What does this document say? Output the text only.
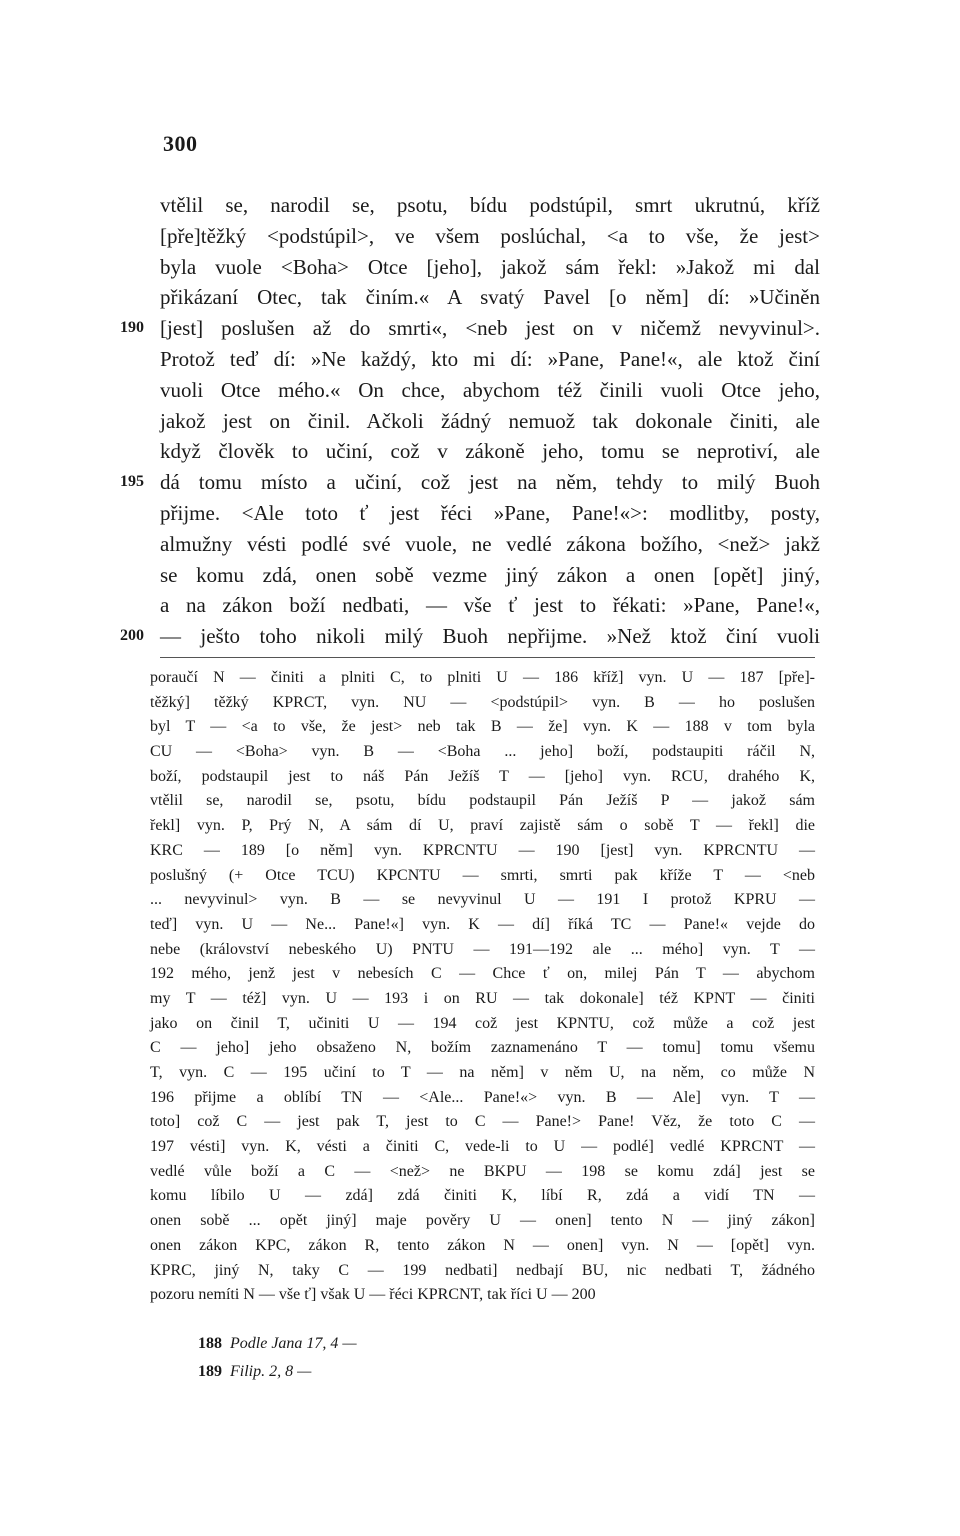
300
vtělil se, narodil se, psotu, bídu podstúpil, smrt ukrutnú, kříž
[pře]těžký <podstúpil>, ve všem poslúchal, <a to vše, že jest>
byla vuole <Boha> Otce [jeho], jakož sám řekl: »Jakož mi dal
přikázaní Otec, tak činím.« A svatý Pavel [o něm] dí: »Učiněn
190 [jest] poslušen až do smrti«, <neb jest on v ničemž nevyvinul>.
Protož teď dí: »Ne každý, kto mi dí: »Pane, Pane!«, ale ktož činí
vuoli Otce mého.« On chce, abychom též činili vuoli Otce jeho,
jakož jest on činil. Ačkoli žádný nemuož tak dokonale činiti, ale
když člověk to učiní, což v zákoně jeho, tomu se neprotiví, ale
195 dá tomu místo a učiní, což jest na něm, tehdy to milý Buoh
přijme. <Ale toto ť jest řéci »Pane, Pane!«>: modlitby, posty,
almužny vésti podlé své vuole, ne vedlé zákona božího, <než> jakž
se komu zdá, onen sobě vezme jiný zákon a onen [opět] jiný,
a na zákon boží nedbati, — vše ť jest to řékati: »Pane, Pane!«,
200 — ješto toho nikoli milý Buoh nepřijme. »Než ktož činí vuoli
poraučí N — činiti a plniti C, to plniti U — 186 kříž] vyn. U — 187 [pře]-
těžký] těžký KPRCT, vyn. NU — <podstúpil> vyn. B — ho poslušen
byl T — <a to vše, že jest> neb tak B — že] vyn. K — 188 v tom byla
CU — <Boha> vyn. B — <Boha ... jeho] boží, podstaupiti ráčil N,
boží, podstaupil jest to náš Pán Ježíš T — [jeho] vyn. RCU, drahého K,
vtělil se, narodil se, psotu, bídu podstaupil Pán Ježíš P — jakož sám
řekl] vyn. P, Prý N, A sám dí U, praví zajistě sám o sobě T — řekl] die
KRC — 189 [o něm] vyn. KPRCNTU — 190 [jest] vyn. KPRCNTU —
poslušný (+ Otce TCU) KPCNTU — smrti, smrti pak kříže T — <neb
... nevyvinul> vyn. B — se nevyvinul U — 191 I protož KPRU —
teď] vyn. U — Ne... Pane!«] vyn. K — dí] říká TC — Pane!« vejde do
nebe (království nebeského U) PNTU — 191—192 ale ... mého] vyn. T —
192 mého, jenž jest v nebesích C — Chce ť on, milej Pán T — abychom
my T — též] vyn. U — 193 i on RU — tak dokonale] též KPNT — činiti
jako on činil T, učiniti U — 194 což jest KPNTU, což může a což jest
C — jeho] jeho obsaženo N, božím zaznamenáno T — tomu] tomu všemu
T, vyn. C — 195 učiní to T — na něm] v něm U, na něm, co může N
196 přijme a oblíbí TN — <Ale... Pane!«> vyn. B — Ale] vyn. T —
toto] což C — jest pak T, jest to C — Pane!> Pane! Věz, že toto C —
197 vésti] vyn. K, vésti a činiti C, vede-li to U — podlé] vedlé KPRCNT —
vedlé vůle boží a C — <než> ne BKPU — 198 se komu zdá] jest se
komu líbilo U — zdá] zdá činiti K, líbí R, zdá a vidí TN —
onen sobě ... opět jiný] maje pověry U — onen] tento N — jiný zákon]
onen zákon KPC, zákon R, tento zákon N — onen] vyn. N — [opět] vyn.
KPRC, jiný N, taky C — 199 nedbati] nedbají BU, nic nedbati T, žádného
pozoru nemíti N — vše ť] však U — řéci KPRCNT, tak říci U — 200
188 Podle Jana 17, 4 —
189 Filip. 2, 8 —
